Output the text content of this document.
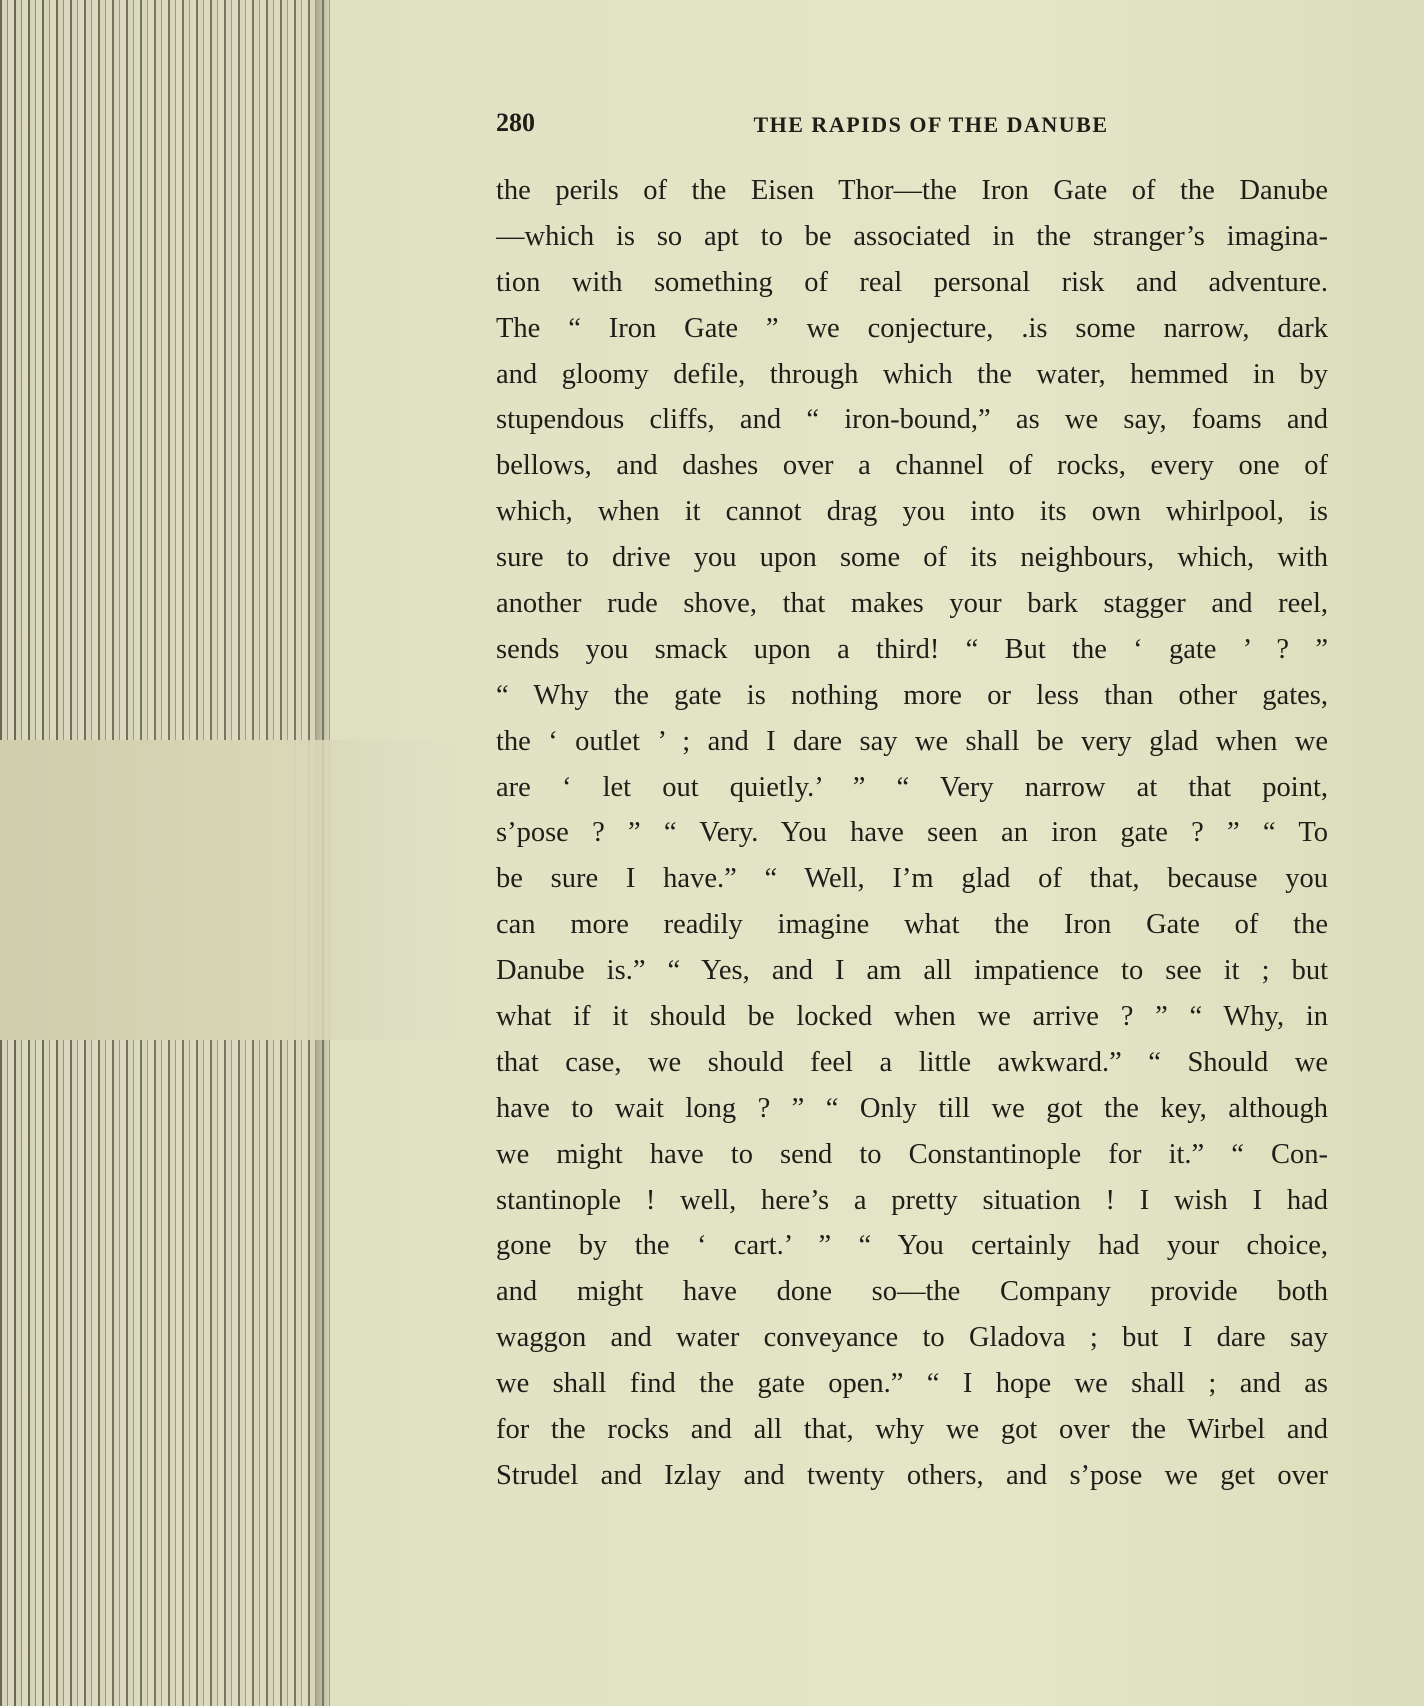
280	THE RAPIDS OF THE DANUBE
the perils of the Eisen Thor—the Iron Gate of the Danube
—which is so apt to be associated in the stranger’s imagina-
tion with something of real personal risk and adventure.
The “ Iron Gate ” we conjecture, .is some narrow, dark
and gloomy defile, through which the water, hemmed in by
stupendous cliffs, and “ iron-bound,” as we say, foams and
bellows, and dashes over a channel of rocks, every one of
which, when it cannot drag you into its own whirlpool, is
sure to drive you upon some of its neighbours, which, with
another rude shove, that makes your bark stagger and reel,
sends you smack upon a third! “ But the ‘ gate ’ ? ”
“ Why the gate is nothing more or less than other gates,
the ‘ outlet ’ ; and I dare say we shall be very glad when we
are ‘ let out quietly.’ ” “ Very narrow at that point,
s’pose ? ” “ Very. You have seen an iron gate ? ” “ To
be sure I have.” “ Well, I’m glad of that, because you
can more readily imagine what the Iron Gate of the
Danube is.” “ Yes, and I am all impatience to see it ; but
what if it should be locked when we arrive ? ” “ Why, in
that case, we should feel a little awkward.” “ Should we
have to wait long ? ” “ Only till we got the key, although
we might have to send to Constantinople for it.” “ Con-
stantinople ! well, here’s a pretty situation ! I wish I had
gone by the ‘ cart.’ ” “ You certainly had your choice,
and might have done so—the Company provide both
waggon and water conveyance to Gladova ; but I dare say
we shall find the gate open.” “ I hope we shall ; and as
for the rocks and all that, why we got over the Wirbel and
Strudel and Izlay and twenty others, and s’pose we get over
